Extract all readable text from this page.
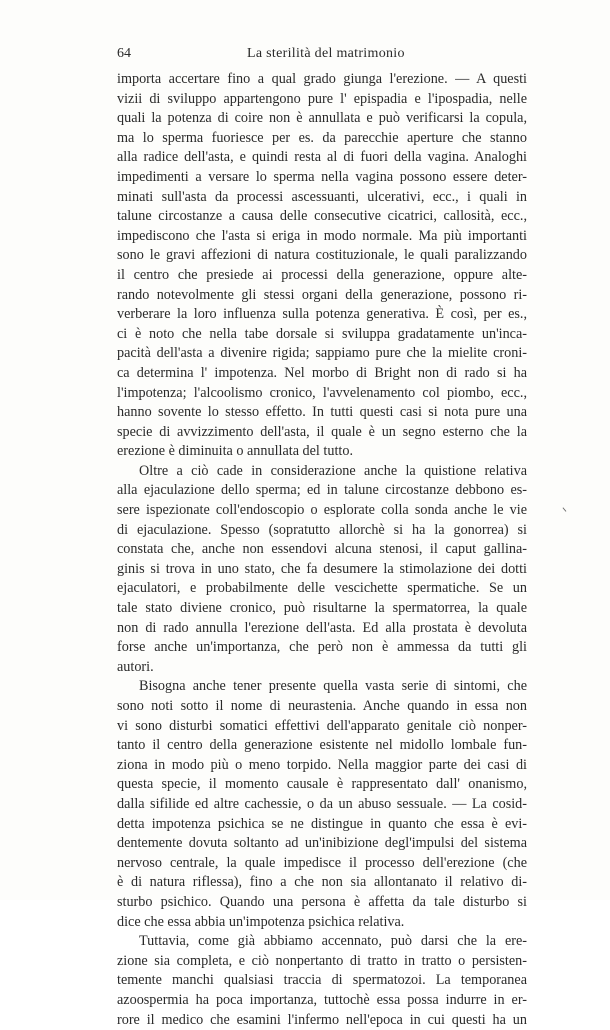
64	La sterilità del matrimonio
importa accertare fino a qual grado giunga l'erezione. — A questi
vizii di sviluppo appartengono pure l' epispadia e l'ipospadia, nelle
quali la potenza di coire non è annullata e può verificarsi la copula,
ma lo sperma fuoriesce per es. da parecchie aperture che stanno
alla radice dell'asta, e quindi resta al di fuori della vagina. Analoghi
impedimenti a versare lo sperma nella vagina possono essere deter-
minati sull'asta da processi ascessuanti, ulcerativi, ecc., i quali in
talune circostanze a causa delle consecutive cicatrici, callosità, ecc.,
impediscono che l'asta si eriga in modo normale. Ma più importanti
sono le gravi affezioni di natura costituzionale, le quali paralizzando
il centro che presiede ai processi della generazione, oppure alte-
rando notevolmente gli stessi organi della generazione, possono ri-
verberare la loro influenza sulla potenza generativa. È così, per es.,
ci è noto che nella tabe dorsale si sviluppa gradatamente un'inca-
pacità dell'asta a divenire rigida; sappiamo pure che la mielite croni-
ca determina l' impotenza. Nel morbo di Bright non di rado si ha
l'impotenza; l'alcoolismo cronico, l'avvelenamento col piombo, ecc.,
hanno sovente lo stesso effetto. In tutti questi casi si nota pure una
specie di avvizzimento dell'asta, il quale è un segno esterno che la
erezione è diminuita o annullata del tutto.
Oltre a ciò cade in considerazione anche la quistione relativa
alla ejaculazione dello sperma; ed in talune circostanze debbono es-
sere ispezionate coll'endoscopio o esplorate colla sonda anche le vie
di ejaculazione. Spesso (sopratutto allorchè si ha la gonorrea) si
constata che, anche non essendovi alcuna stenosi, il caput gallina-
ginis si trova in uno stato, che fa desumere la stimolazione dei dotti
ejaculatori, e probabilmente delle vescichette spermatiche. Se un
tale stato diviene cronico, può risultarne la spermatorrea, la quale
non di rado annulla l'erezione dell'asta. Ed alla prostata è devoluta
forse anche un'importanza, che però non è ammessa da tutti gli
autori.
Bisogna anche tener presente quella vasta serie di sintomi, che
sono noti sotto il nome di neurastenia. Anche quando in essa non
vi sono disturbi somatici effettivi dell'apparato genitale ciò nonper-
tanto il centro della generazione esistente nel midollo lombale fun-
ziona in modo più o meno torpido. Nella maggior parte dei casi di
questa specie, il momento causale è rappresentato dall' onanismo,
dalla sifilide ed altre cachessie, o da un abuso sessuale. — La cosid-
detta impotenza psichica se ne distingue in quanto che essa è evi-
dentemente dovuta soltanto ad un'inibizione degl'impulsi del sistema
nervoso centrale, la quale impedisce il processo dell'erezione (che
è di natura riflessa), fino a che non sia allontanato il relativo di-
sturbo psichico. Quando una persona è affetta da tale disturbo si
dice che essa abbia un'impotenza psichica relativa.
Tuttavia, come già abbiamo accennato, può darsi che la ere-
zione sia completa, e ciò nonpertanto di tratto in tratto o persisten-
temente manchi qualsiasi traccia di spermatozoi. La temporanea
azoospermia ha poca importanza, tuttochè essa possa indurre in er-
rore il medico che esamini l'infermo nell'epoca in cui questi ha un
ᐠ
